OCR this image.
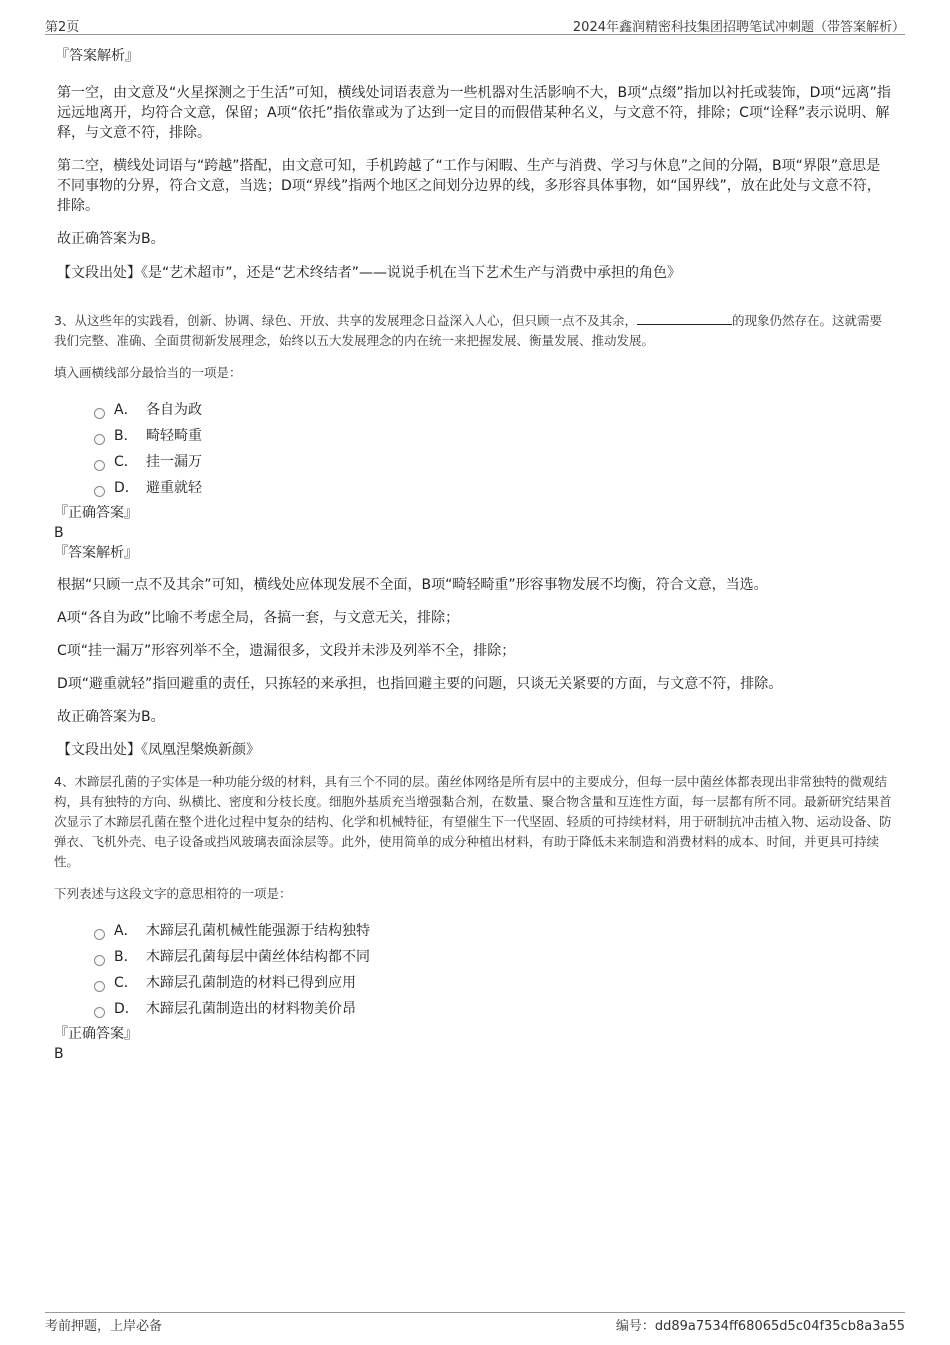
第2页	2024年鑫润精密科技集团招聘笔试冲刺题（带答案解析）

『答案解析』

第一空，由文意及“火星探测之于生活”可知，横线处词语表意为一些机器对生活影响不大，B项“点缀”指加以衬托或装饰，D项“远离”指远远地离开，均符合文意，保留；A项“依托”指依靠或为了达到一定目的而假借某种名义，与文意不符，排除；C项“诠释”表示说明、解释，与文意不符，排除。

第二空，横线处词语与“跨越”搭配，由文意可知，手机跨越了“工作与闲暇、生产与消费、学习与休息”之间的分隔，B项“界限”意思是不同事物的分界，符合文意，当选；D项“界线”指两个地区之间划分边界的线，多形容具体事物，如“国界线”，放在此处与文意不符，排除。

故正确答案为B。

【文段出处】《是“艺术超市”，还是“艺术终结者”——说说手机在当下艺术生产与消费中承担的角色》

3、从这些年的实践看，创新、协调、绿色、开放、共享的发展理念日益深入人心，但只顾一点不及其余，	的现象仍然存在。这就需要我们完整、准确、全面贯彻新发展理念，始终以五大发展理念的内在统一来把握发展、衡量发展、推动发展。

填入画横线部分最恰当的一项是：

A． 各自为政
B． 畸轻畸重
C． 挂一漏万
D． 避重就轻

『正确答案』

B

『答案解析』

根据“只顾一点不及其余”可知，横线处应体现发展不全面，B项“畸轻畸重”形容事物发展不均衡，符合文意，当选。

A项“各自为政”比喻不考虑全局，各搞一套，与文意无关，排除；

C项“挂一漏万”形容列举不全，遗漏很多，文段并未涉及列举不全，排除；

D项“避重就轻”指回避重的责任，只拣轻的来承担，也指回避主要的问题，只谈无关紧要的方面，与文意不符，排除。

故正确答案为B。

【文段出处】《凤凰涅槃焕新颜》

4、木蹄层孔菌的子实体是一种功能分级的材料，具有三个不同的层。菌丝体网络是所有层中的主要成分，但每一层中菌丝体都表现出非常独特的微观结构，具有独特的方向、纵横比、密度和分枝长度。细胞外基质充当增强黏合剂，在数量、聚合物含量和互连性方面，每一层都有所不同。最新研究结果首次显示了木蹄层孔菌在整个进化过程中复杂的结构、化学和机械特征，有望催生下一代坚固、轻质的可持续材料，用于研制抗冲击植入物、运动设备、防弹衣、飞机外壳、电子设备或挡风玻璃表面涂层等。此外，使用简单的成分种植出材料，有助于降低未来制造和消费材料的成本、时间，并更具可持续性。

下列表述与这段文字的意思相符的一项是：

A． 木蹄层孔菌机械性能强源于结构独特
B． 木蹄层孔菌每层中菌丝体结构都不同
C． 木蹄层孔菌制造的材料已得到应用
D． 木蹄层孔菌制造出的材料物美价昂

『正确答案』

B

考前押题，上岸必备	编号：dd89a7534ff68065d5c04f35cb8a3a55
